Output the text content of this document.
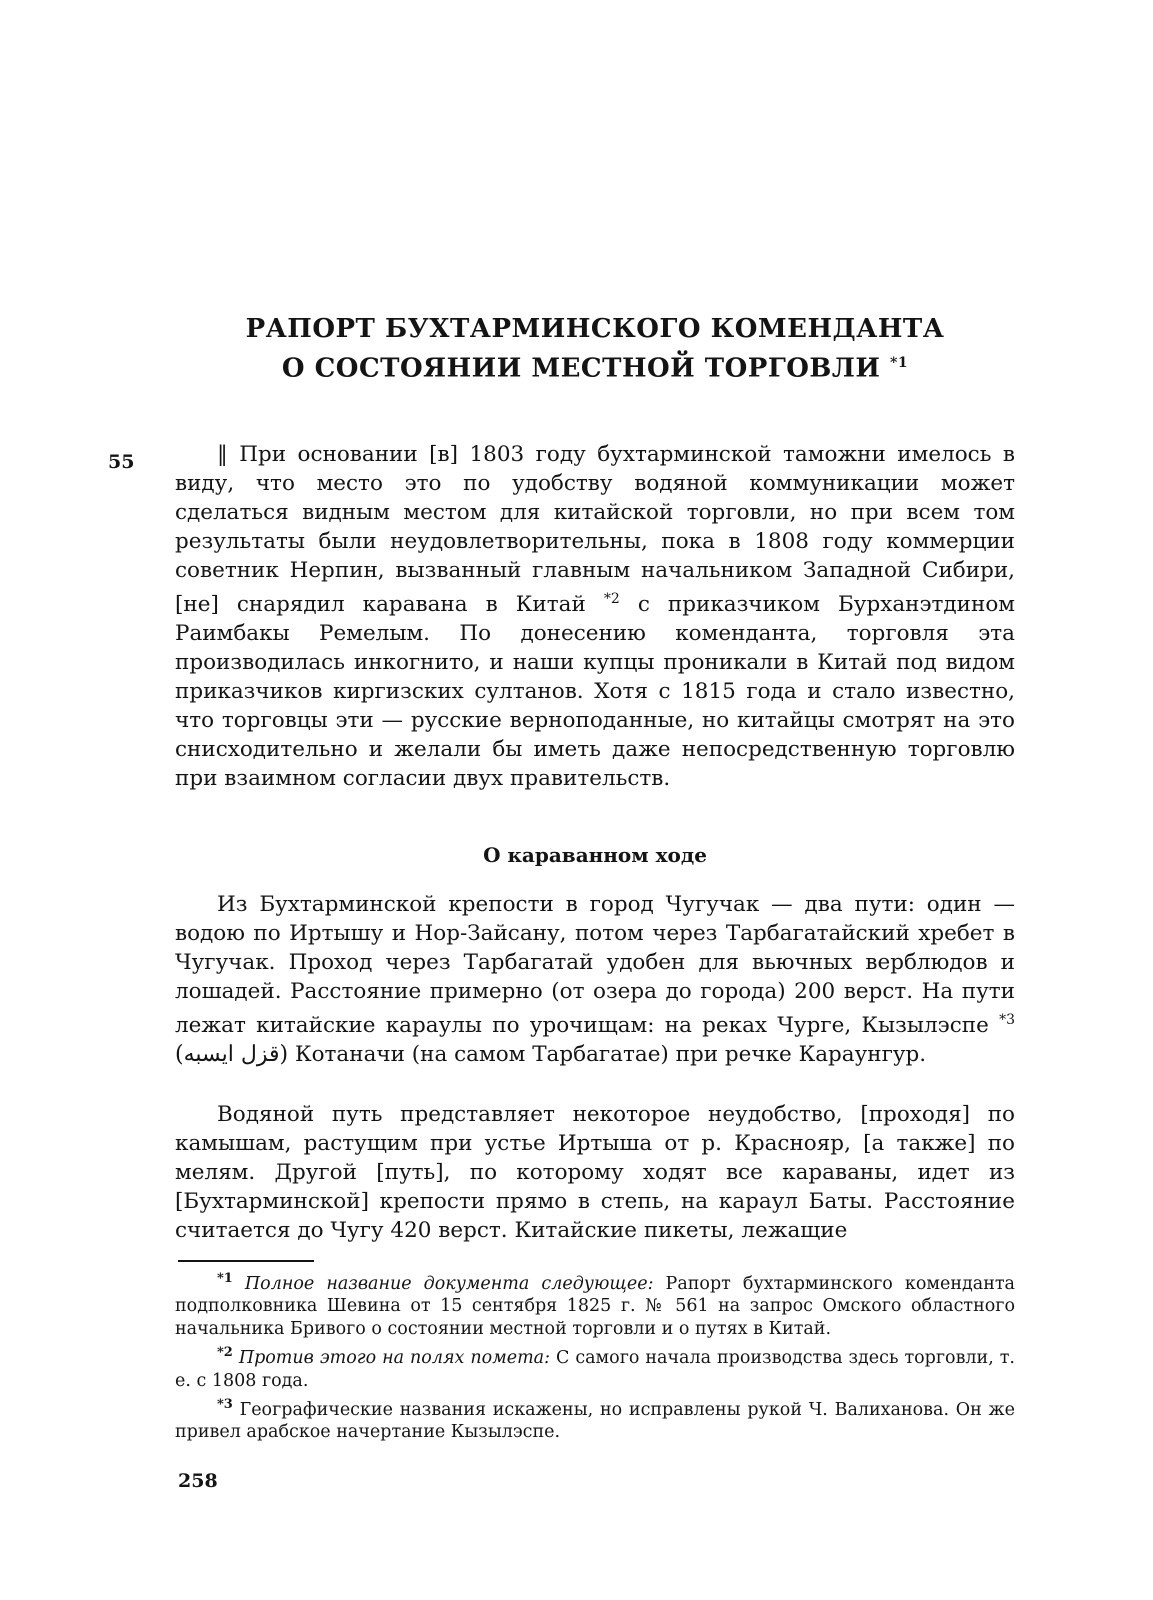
РАПОРТ БУХТАРМИНСКОГО КОМЕНДАНТА
О СОСТОЯНИИ МЕСТНОЙ ТОРГОВЛИ $^{*1}$
55	‖ При основании [в] 1803 году бухтарминской таможни имелось в виду, что место это по удобству водяной коммуникации может сделаться видным местом для китайской торговли, но при всем том результаты были неудовлетворительны, пока в 1808 году коммерции советник Нерпин, вызванный главным начальником Западной Сибири, [не] снарядил каравана в Китай $^{*2}$ с приказчиком Бурханэтдином Раимбакы Ремелым. По донесению коменданта, торговля эта производилась инкогнито, и наши купцы проникали в Китай под видом приказчиков киргизских султанов. Хотя с 1815 года и стало известно, что торговцы эти — русские верноподанные, но китайцы смотрят на это снисходительно и желали бы иметь даже непосредственную торговлю при взаимном согласии двух правительств.

О караванном ходе

Из Бухтарминской крепости в город Чугучак — два пути: один — водою по Иртышу и Нор-Зайсану, потом через Тарбагатайский хребет в Чугучак. Проход через Тарбагатай удобен для вьючных верблюдов и лошадей. Расстояние примерно (от озера до города) 200 верст. На пути лежат китайские караулы по урочищам: на реках Чурге, Кызылэспе $^{*3}$ (قزل ايسبه) Котаначи (на самом Тарбагатае) при речке Караунгур.

Водяной путь представляет некоторое неудобство, [проходя] по камышам, растущим при устье Иртыша от р. Краснояр, [а также] по мелям. Другой [путь], по которому ходят все караваны, идет из [Бухтарминской] крепости прямо в степь, на караул Баты. Расстояние считается до Чугу 420 верст. Китайские пикеты, лежащие

$^{*1}$ Полное название документа следующее: Рапорт бухтарминского коменданта подполковника Шевина от 15 сентября 1825 г. № 561 на запрос Омского областного начальника Бривого о состоянии местной торговли и о путях в Китай.

$^{*2}$ Против этого на полях помета: С самого начала производства здесь торговли, т. е. с 1808 года.

$^{*3}$ Географические названия искажены, но исправлены рукой Ч. Валиханова. Он же привел арабское начертание Кызылэспе.

258
